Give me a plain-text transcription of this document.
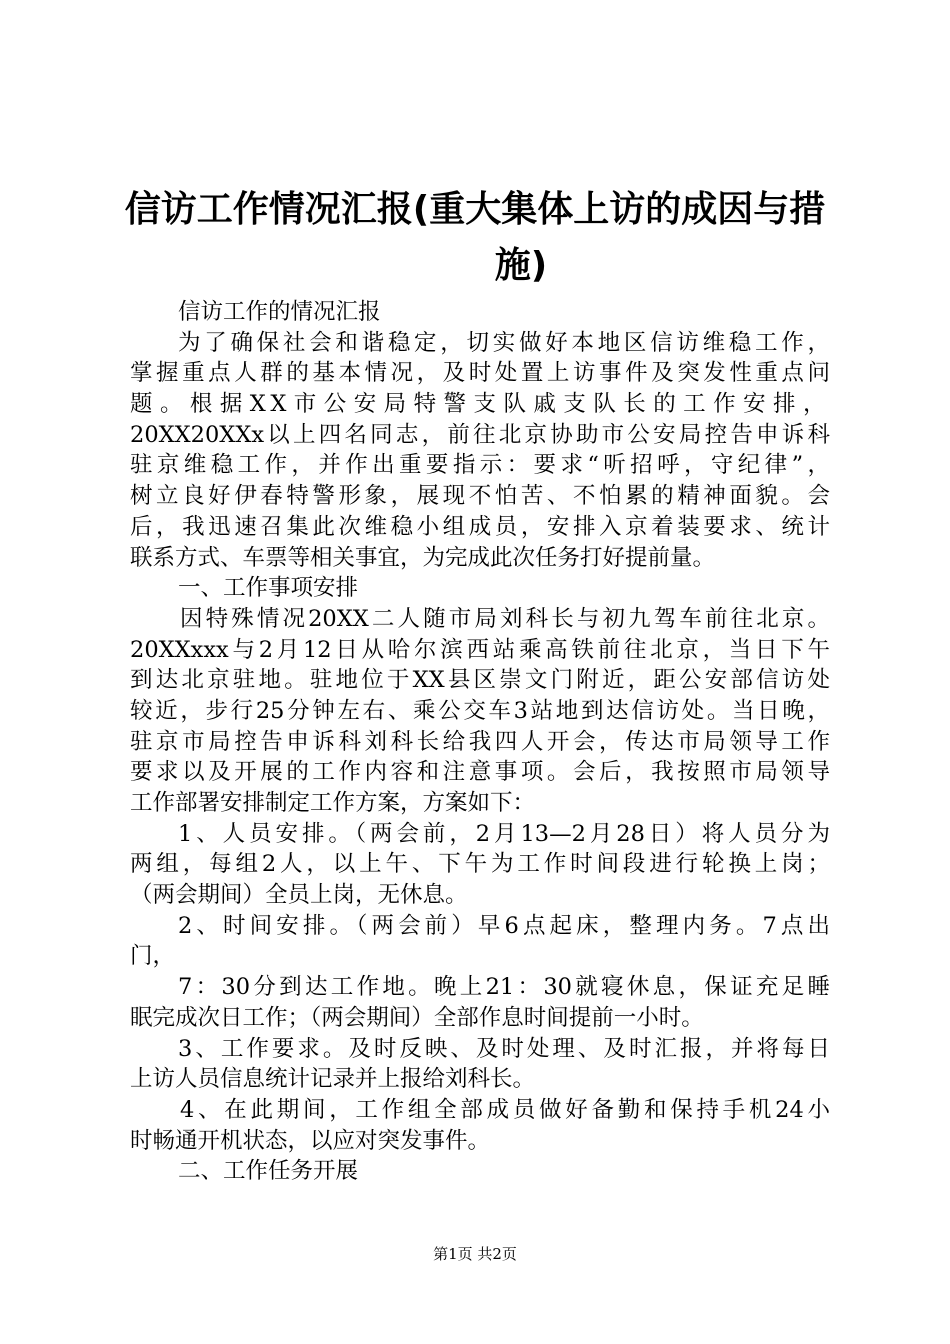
信访工作情况汇报(重大集体上访的成因与措
施)
信访工作的情况汇报
为了确保社会和谐稳定，切实做好本地区信访维稳工作，
掌握重点人群的基本情况，及时处置上访事件及突发性重点问
题。根据XX市公安局特警支队戚支队长的工作安排，
20XX20XXx以上四名同志，前往北京协助市公安局控告申诉科
驻京维稳工作，并作出重要指示：要求“听招呼，守纪律”，
树立良好伊春特警形象，展现不怕苦、不怕累的精神面貌。会
后，我迅速召集此次维稳小组成员，安排入京着装要求、统计
联系方式、车票等相关事宜，为完成此次任务打好提前量。
一、工作事项安排
因特殊情况20XX二人随市局刘科长与初九驾车前往北京。
20XXxxx与2月12日从哈尔滨西站乘高铁前往北京，当日下午
到达北京驻地。驻地位于XX县区崇文门附近，距公安部信访处
较近，步行25分钟左右、乘公交车3站地到达信访处。当日晚，
驻京市局控告申诉科刘科长给我四人开会，传达市局领导工作
要求以及开展的工作内容和注意事项。会后，我按照市局领导
工作部署安排制定工作方案，方案如下：
1、人员安排。（两会前，2月13—2月28日）将人员分为
两组，每组2人，以上午、下午为工作时间段进行轮换上岗；
（两会期间）全员上岗，无休息。
2、时间安排。（两会前）早6点起床，整理内务。7点出
门，
7：30分到达工作地。晚上21：30就寝休息，保证充足睡
眠完成次日工作；（两会期间）全部作息时间提前一小时。
3、工作要求。及时反映、及时处理、及时汇报，并将每日
上访人员信息统计记录并上报给刘科长。
4、在此期间，工作组全部成员做好备勤和保持手机24小
时畅通开机状态，以应对突发事件。
二、工作任务开展
第1页 共2页
